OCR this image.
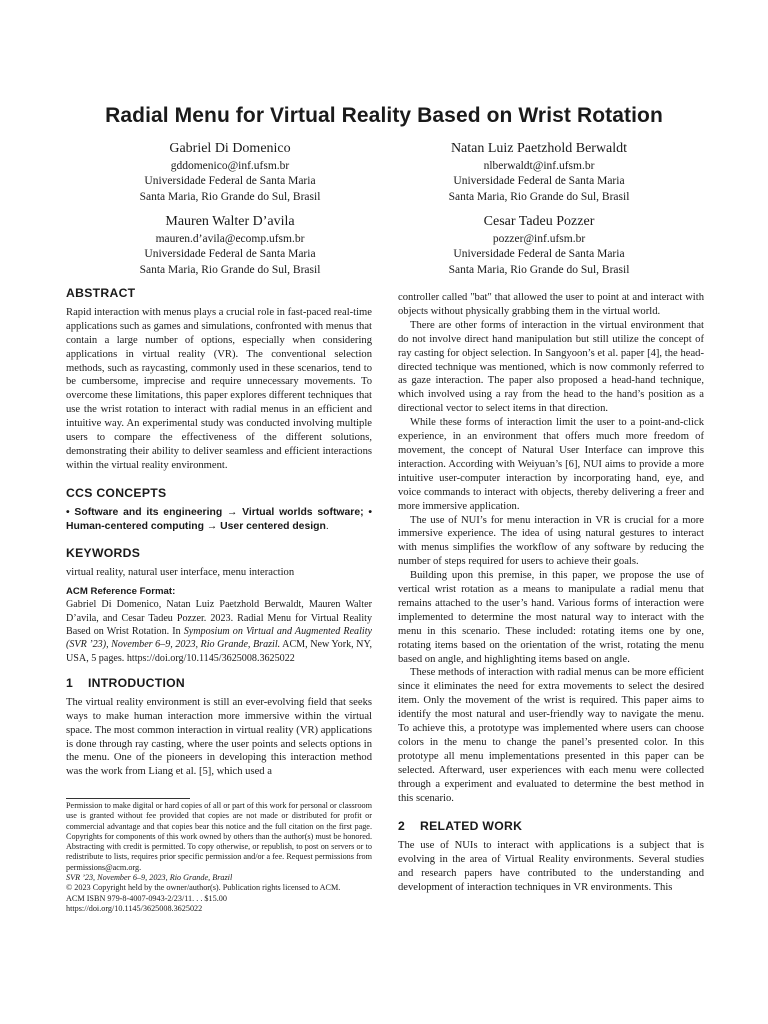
Radial Menu for Virtual Reality Based on Wrist Rotation
Gabriel Di Domenico
gddomenico@inf.ufsm.br
Universidade Federal de Santa Maria
Santa Maria, Rio Grande do Sul, Brasil
Natan Luiz Paetzhold Berwaldt
nlberwaldt@inf.ufsm.br
Universidade Federal de Santa Maria
Santa Maria, Rio Grande do Sul, Brasil
Mauren Walter D’avila
mauren.d’avila@ecomp.ufsm.br
Universidade Federal de Santa Maria
Santa Maria, Rio Grande do Sul, Brasil
Cesar Tadeu Pozzer
pozzer@inf.ufsm.br
Universidade Federal de Santa Maria
Santa Maria, Rio Grande do Sul, Brasil
ABSTRACT

Rapid interaction with menus plays a crucial role in fast-paced real-time applications such as games and simulations, confronted with menus that contain a large number of options, especially when considering applications in virtual reality (VR). The conventional selection methods, such as raycasting, commonly used in these scenarios, tend to be cumbersome, imprecise and require unnecessary movements. To overcome these limitations, this paper explores different techniques that use the wrist rotation to interact with radial menus in an efficient and intuitive way. An experimental study was conducted involving multiple users to compare the effectiveness of the different solutions, demonstrating their ability to deliver seamless and efficient interactions within the virtual reality environment.

CCS CONCEPTS
• Software and its engineering → Virtual worlds software; • Human-centered computing → User centered design.
KEYWORDS

virtual reality, natural user interface, menu interaction

ACM Reference Format:

Gabriel Di Domenico, Natan Luiz Paetzhold Berwaldt, Mauren Walter D’avila, and Cesar Tadeu Pozzer. 2023. Radial Menu for Virtual Reality Based on Wrist Rotation. In Symposium on Virtual and Augmented Reality (SVR ’23), November 6–9, 2023, Rio Grande, Brazil. ACM, New York, NY, USA, 5 pages. https://doi.org/10.1145/3625008.3625022

1 INTRODUCTION

The virtual reality environment is still an ever-evolving field that seeks ways to make human interaction more immersive within the virtual space. The most common interaction in virtual reality (VR) applications is done through ray casting, where the user points and selects options in the menu. One of the pioneers in developing this interaction method was the work from Liang et al. [5], which used a

Permission to make digital or hard copies of all or part of this work for personal or classroom use is granted without fee provided that copies are not made or distributed for profit or commercial advantage and that copies bear this notice and the full citation on the first page. Copyrights for components of this work owned by others than the author(s) must be honored. Abstracting with credit is permitted. To copy otherwise, or republish, to post on servers or to redistribute to lists, requires prior specific permission and/or a fee. Request permissions from permissions@acm.org.

SVR ’23, November 6–9, 2023, Rio Grande, Brazil

© 2023 Copyright held by the owner/author(s). Publication rights licensed to ACM.

ACM ISBN 979-8-4007-0943-2/23/11. . . $15.00

https://doi.org/10.1145/3625008.3625022

controller called "bat" that allowed the user to point at and interact with objects without physically grabbing them in the virtual world.

There are other forms of interaction in the virtual environment that do not involve direct hand manipulation but still utilize the concept of ray casting for object selection. In Sangyoon’s et al. paper [4], the head-directed technique was mentioned, which is now commonly referred to as gaze interaction. The paper also proposed a head-hand technique, which involved using a ray from the head to the hand’s position as a directional vector to select items in that direction.

While these forms of interaction limit the user to a point-and-click experience, in an environment that offers much more freedom of movement, the concept of Natural User Interface can improve this interaction. According with Weiyuan’s [6], NUI aims to provide a more intuitive user-computer interaction by incorporating hand, eye, and voice commands to interact with objects, thereby delivering a freer and more immersive application.

The use of NUI’s for menu interaction in VR is crucial for a more immersive experience. The idea of using natural gestures to interact with menus simplifies the workflow of any software by reducing the number of steps required for users to achieve their goals.

Building upon this premise, in this paper, we propose the use of vertical wrist rotation as a means to manipulate a radial menu that remains attached to the user’s hand. Various forms of interaction were implemented to determine the most natural way to interact with the menu in this scenario. These included: rotating items one by one, rotating items based on the orientation of the wrist, rotating the menu based on angle, and highlighting items based on angle.

These methods of interaction with radial menus can be more efficient since it eliminates the need for extra movements to select the desired item. Only the movement of the wrist is required. This paper aims to identify the most natural and user-friendly way to navigate the menu. To achieve this, a prototype was implemented where users can choose colors in the menu to change the panel’s presented color. In this prototype all menu implementations presented in this paper can be selected. Afterward, user experiences with each menu were collected through a experiment and evaluated to determine the best method in this scenario.

2 RELATED WORK

The use of NUIs to interact with applications is a subject that is evolving in the area of Virtual Reality environments. Several studies and research papers have contributed to the understanding and development of interaction techniques in VR environments. This
